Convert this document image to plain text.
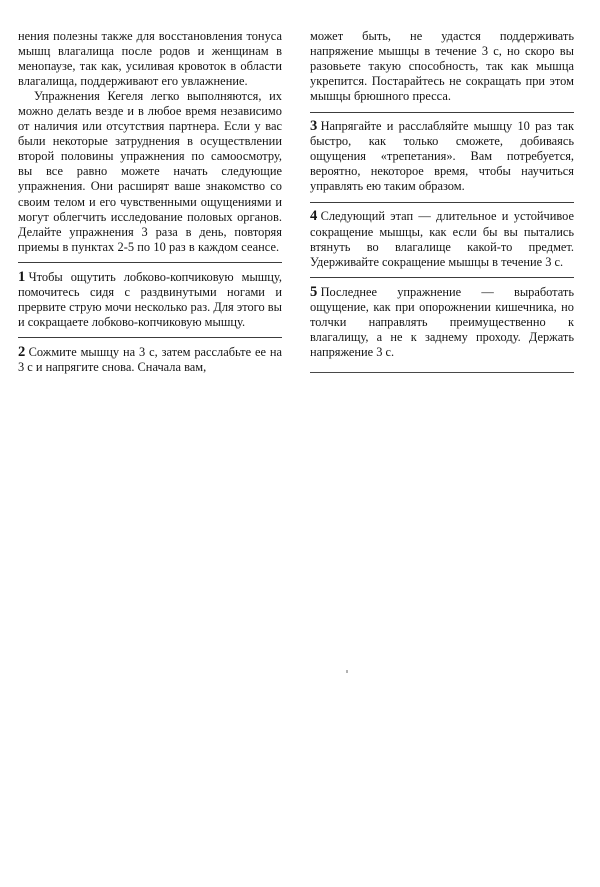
нения полезны также для восстановления тонуса мышц влагалища после родов и женщинам в менопаузе, так как, усиливая кровоток в области влагалища, поддерживают его увлажнение.

Упражнения Кегеля легко выполняются, их можно делать везде и в любое время независимо от наличия или отсутствия партнера. Если у вас были некоторые затруднения в осуществлении второй половины упражнения по самоосмотру, вы все равно можете начать следующие упражнения. Они расширят ваше знакомство со своим телом и его чувственными ощущениями и могут облегчить исследование половых органов. Делайте упражнения 3 раза в день, повторяя приемы в пунктах 2-5 по 10 раз в каждом сеансе.

1 Чтобы ощутить лобково-копчиковую мышцу, помочитесь сидя с раздвинутыми ногами и прервите струю мочи несколько раз. Для этого вы и сокращаете лобково-копчиковую мышцу.

2 Сожмите мышцу на 3 с, затем расслабьте ее на 3 с и напрягите снова. Сначала вам,

может быть, не удастся поддерживать напряжение мышцы в течение 3 с, но скоро вы разовьете такую способность, так как мышца укрепится. Постарайтесь не сокращать при этом мышцы брюшного пресса.

3 Напрягайте и расслабляйте мышцу 10 раз так быстро, как только сможете, добиваясь ощущения «трепетания». Вам потребуется, вероятно, некоторое время, чтобы научиться управлять ею таким образом.

4 Следующий этап — длительное и устойчивое сокращение мышцы, как если бы вы пытались втянуть во влагалище какой-то предмет. Удерживайте сокращение мышцы в течение 3 с.

5 Последнее упражнение — выработать ощущение, как при опорожнении кишечника, но толчки направлять преимущественно к влагалищу, а не к заднему проходу. Держать напряжение 3 с.
